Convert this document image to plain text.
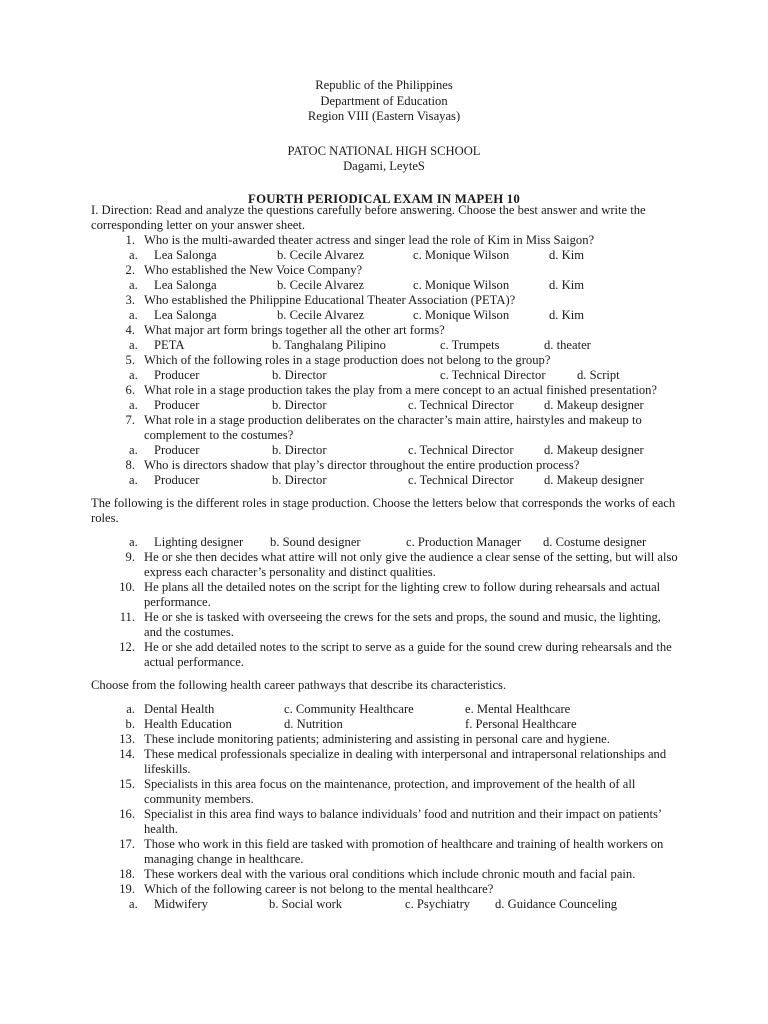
Republic of the Philippines
Department of Education
Region VIII (Eastern Visayas)
PATOC NATIONAL HIGH SCHOOL
Dagami, LeyteS
FOURTH PERIODICAL EXAM IN MAPEH 10
I. Direction: Read and analyze the questions carefully before answering. Choose the best answer and write the corresponding letter on your answer sheet.
1. Who is the multi-awarded theater actress and singer lead the role of Kim in Miss Saigon?
a.	Lea Salonga	b. Cecile Alvarez	c. Monique Wilson	d. Kim
2. Who established the New Voice Company?
a.	Lea Salonga	b. Cecile Alvarez	c. Monique Wilson	d. Kim
3. Who established the Philippine Educational Theater Association (PETA)?
a.	Lea Salonga	b. Cecile Alvarez	c. Monique Wilson	d. Kim
4. What major art form brings together all the other art forms?
a.	PETA	b. Tanghalang Pilipino	c. Trumpets	d. theater
5. Which of the following roles in a stage production does not belong to the group?
a.	Producer	b. Director	c. Technical Director	d. Script
6. What role in a stage production takes the play from a mere concept to an actual finished presentation?
a.	Producer	b. Director	c. Technical Director	d. Makeup designer
7. What role in a stage production deliberates on the character’s main attire, hairstyles and makeup to complement to the costumes?
a.	Producer	b. Director	c. Technical Director	d. Makeup designer
8. Who is directors shadow that play’s director throughout the entire production process?
a.	Producer	b. Director	c. Technical Director	d. Makeup designer
The following is the different roles in stage production. Choose the letters below that corresponds the works of each roles.
a.	Lighting designer b. Sound designer	c. Production Manager	d. Costume designer
9. He or she then decides what attire will not only give the audience a clear sense of the setting, but will also express each character’s personality and distinct qualities.
10. He plans all the detailed notes on the script for the lighting crew to follow during rehearsals and actual performance.
11. He or she is tasked with overseeing the crews for the sets and props, the sound and music, the lighting, and the costumes.
12. He or she add detailed notes to the script to serve as a guide for the sound crew during rehearsals and the actual performance.
Choose from the following health career pathways that describe its characteristics.
a. Dental Health	c. Community Healthcare	e. Mental Healthcare
b. Health Education	d. Nutrition	f. Personal Healthcare
13. These include monitoring patients; administering and assisting in personal care and hygiene.
14. These medical professionals specialize in dealing with interpersonal and intrapersonal relationships and lifeskills.
15. Specialists in this area focus on the maintenance, protection, and improvement of the health of all community members.
16. Specialist in this area find ways to balance individuals’ food and nutrition and their impact on patients’ health.
17. Those who work in this field are tasked with promotion of healthcare and training of health workers on managing change in healthcare.
18. These workers deal with the various oral conditions which include chronic mouth and facial pain.
19. Which of the following career is not belong to the mental healthcare?
a.	Midwifery	b. Social work	c. Psychiatry	d. Guidance Counceling
